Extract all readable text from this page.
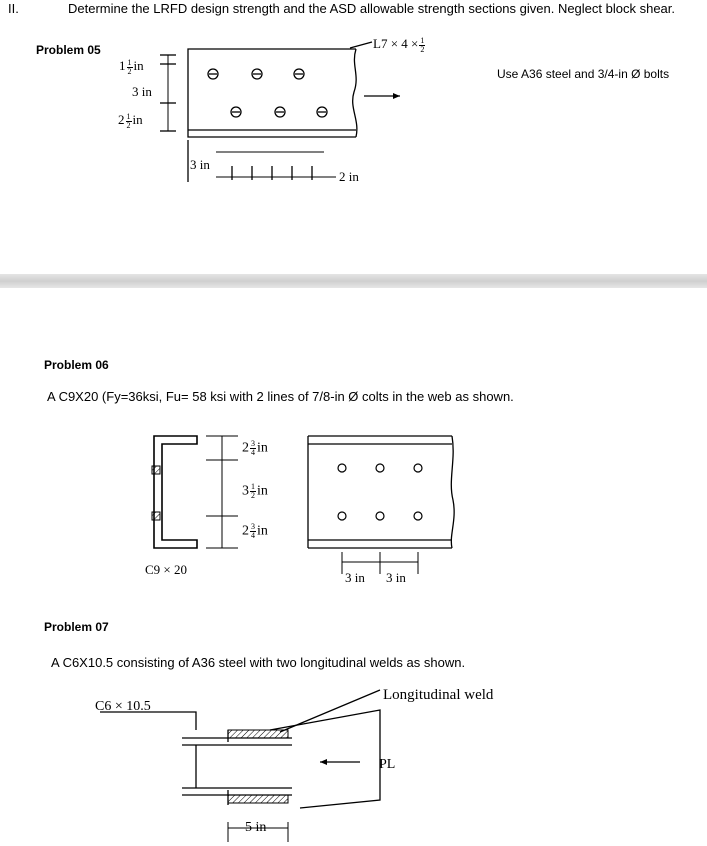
II.	Determine the LRFD design strength and the ASD allowable strength sections given. Neglect block shear.
Problem 05
Use A36 steel and 3/4-in Ø bolts
$L7 \times 4 \times \frac{1}{2}$
$1 \frac{1}{2}$ in
3 in
$2 \frac{1}{2}$ in
3 in
2 in
Problem 06
A C9X20 (Fy=36ksi, Fu= 58 ksi with 2 lines of 7/8-in Ø colts in the web as shown.
$2 \frac{3}{4}$ in
$3 \frac{1}{2}$ in
$2 \frac{3}{4}$ in
C9 × 20
3 in 3 in
Problem 07
A C6X10.5 consisting of A36 steel with two longitudinal welds as shown.
C6 × 10.5
Longitudinal weld
PL
5 in
